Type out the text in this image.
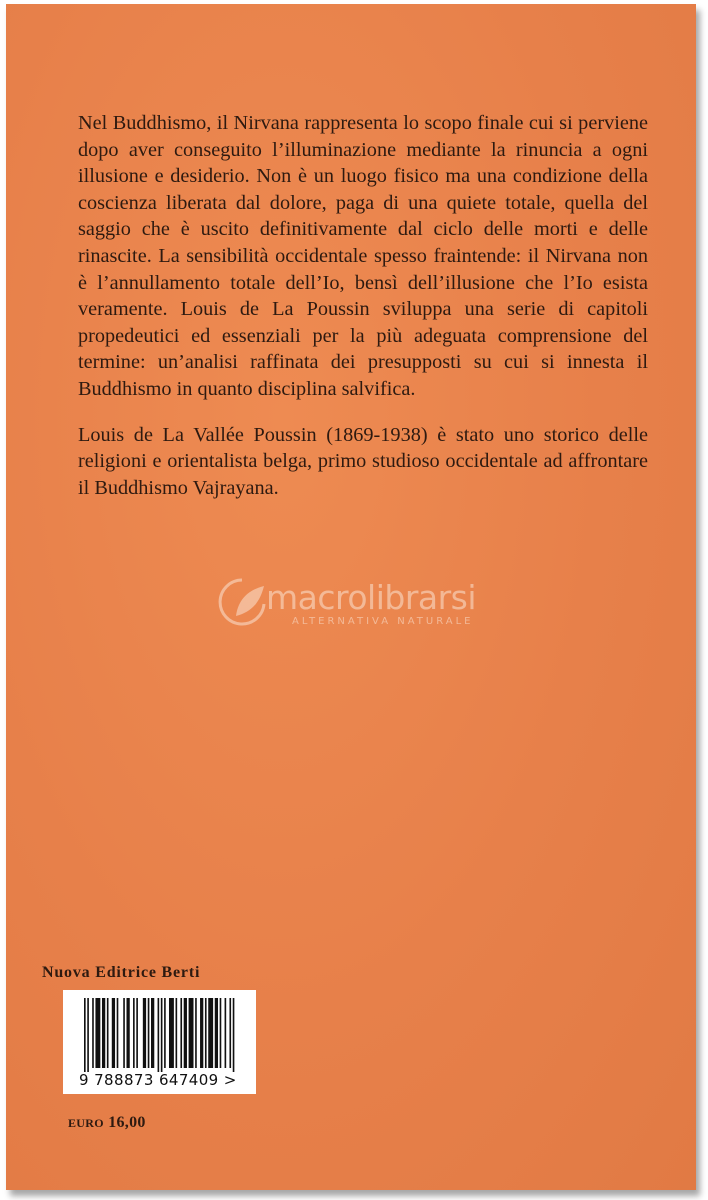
Nel Buddhismo, il Nirvana rappresenta lo scopo finale cui si perviene dopo aver conseguito l’illuminazione mediante la rinuncia a ogni illusione e desiderio. Non è un luogo fisico ma una condizione della coscienza liberata dal dolore, paga di una quiete totale, quella del saggio che è uscito definitivamente dal ciclo delle morti e delle rinascite. La sensibilità occidentale spesso fraintende: il Nirvana non è l’annullamento totale dell’Io, bensì dell’illusione che l’Io esista veramente. Louis de La Poussin sviluppa una serie di capitoli propedeutici ed essenziali per la più adeguata comprensione del termine: un’analisi raffinata dei presupposti su cui si innesta il Buddhismo in quanto disciplina salvifica.

Louis de La Vallée Poussin (1869-1938) è stato uno storico delle religioni e orientalista belga, primo studioso occidentale ad affrontare il Buddhismo Vajrayana.

macrolibrarsi
ALTERNATIVA NATURALE

Nuova Editrice Berti

9 788873 647409 >
EURO 16,00
